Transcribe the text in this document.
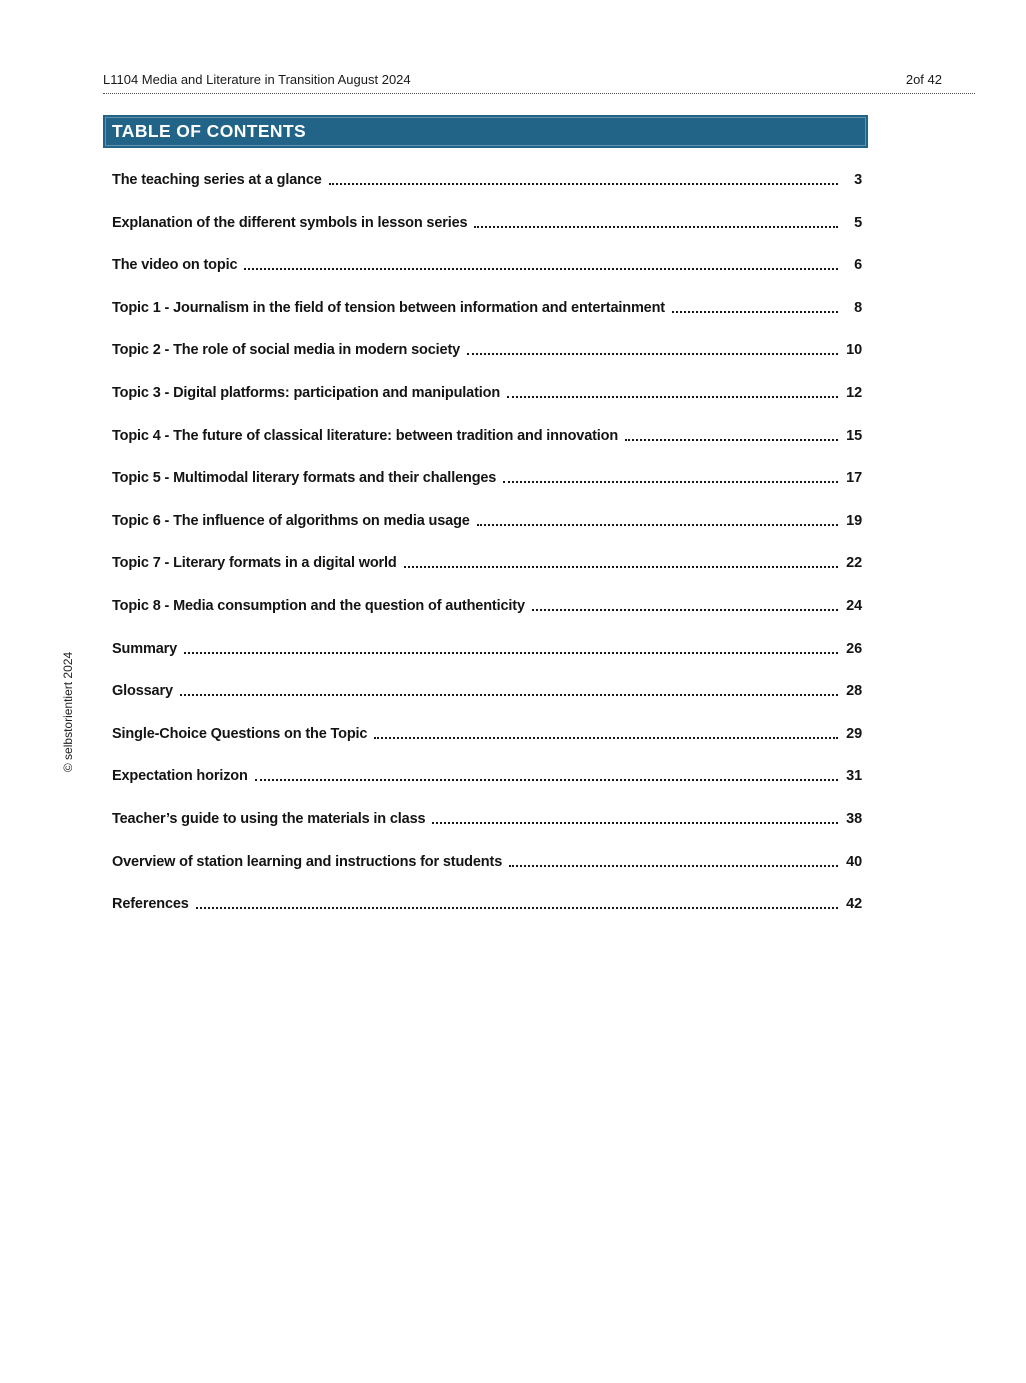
L1104 Media and Literature in Transition August 2024	2of 42
TABLE OF CONTENTS
The teaching series at a glance	3
Explanation of the different symbols in lesson series	5
The video on topic	6
Topic 1 - Journalism in the field of tension between information and entertainment	8
Topic 2 - The role of social media in modern society	10
Topic 3 - Digital platforms: participation and manipulation	12
Topic 4 - The future of classical literature: between tradition and innovation	15
Topic 5 - Multimodal literary formats and their challenges	17
Topic 6 - The influence of algorithms on media usage	19
Topic 7 - Literary formats in a digital world	22
Topic 8 - Media consumption and the question of authenticity	24
Summary	26
Glossary	28
Single-Choice Questions on the Topic	29
Expectation horizon	31
Teacher’s guide to using the materials in class	38
Overview of station learning and instructions for students	40
References	42
© selbstorientiert 2024
